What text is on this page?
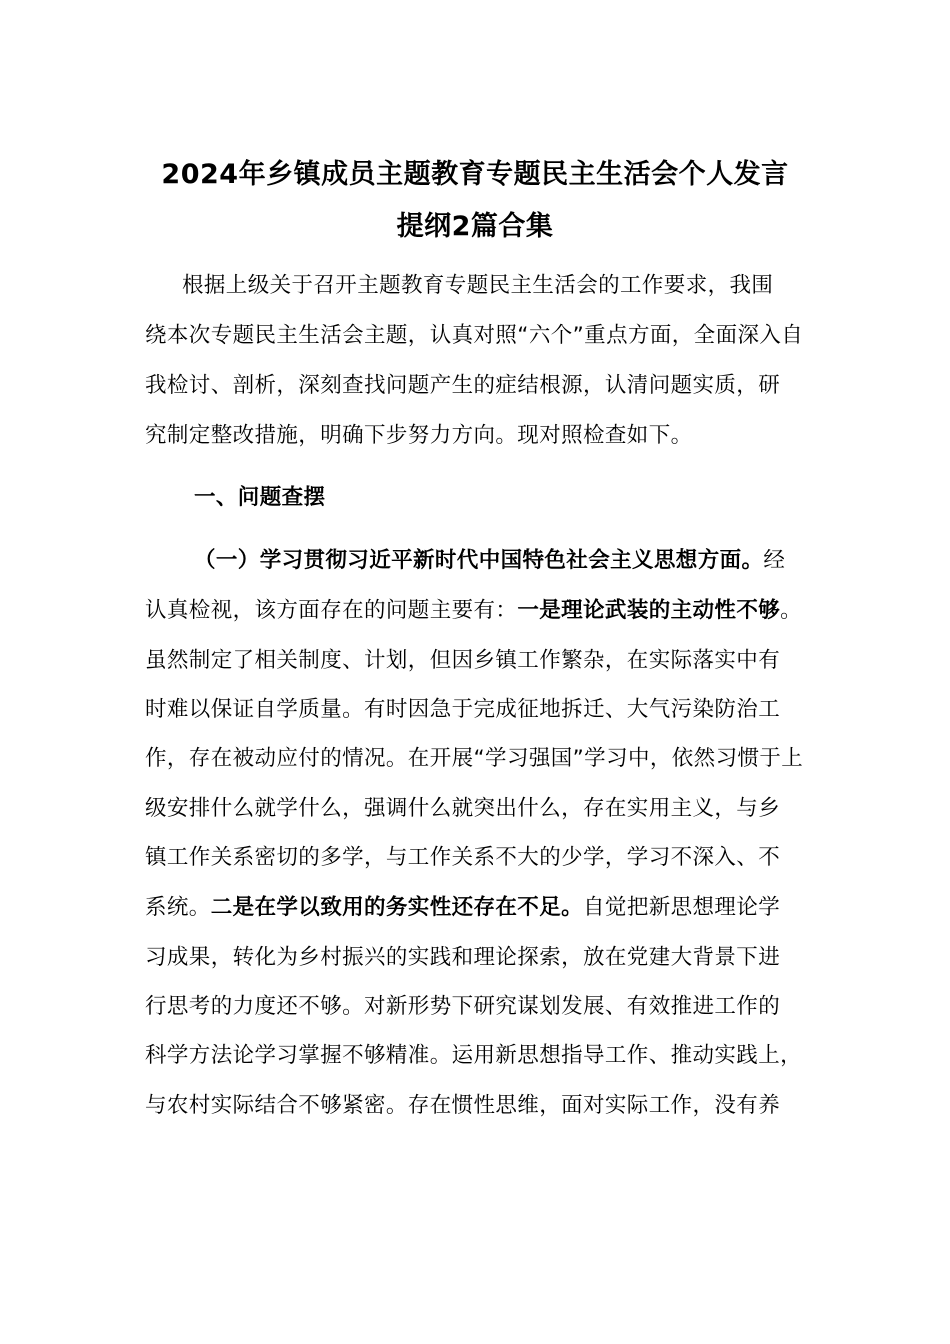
2024年乡镇成员主题教育专题民主生活会个人发言
提纲2篇合集
根据上级关于召开主题教育专题民主生活会的工作要求，我围
绕本次专题民主生活会主题，认真对照“六个”重点方面，全面深入自
我检讨、剖析，深刻查找问题产生的症结根源，认清问题实质，研
究制定整改措施，明确下步努力方向。现对照检查如下。
一、问题查摆
（一）学习贯彻习近平新时代中国特色社会主义思想方面。经
认真检视，该方面存在的问题主要有：一是理论武装的主动性不够。
虽然制定了相关制度、计划，但因乡镇工作繁杂，在实际落实中有
时难以保证自学质量。有时因急于完成征地拆迁、大气污染防治工
作，存在被动应付的情况。在开展“学习强国”学习中，依然习惯于上
级安排什么就学什么，强调什么就突出什么，存在实用主义，与乡
镇工作关系密切的多学，与工作关系不大的少学，学习不深入、不
系统。二是在学以致用的务实性还存在不足。自觉把新思想理论学
习成果，转化为乡村振兴的实践和理论探索，放在党建大背景下进
行思考的力度还不够。对新形势下研究谋划发展、有效推进工作的
科学方法论学习掌握不够精准。运用新思想指导工作、推动实践上，
与农村实际结合不够紧密。存在惯性思维，面对实际工作，没有养
